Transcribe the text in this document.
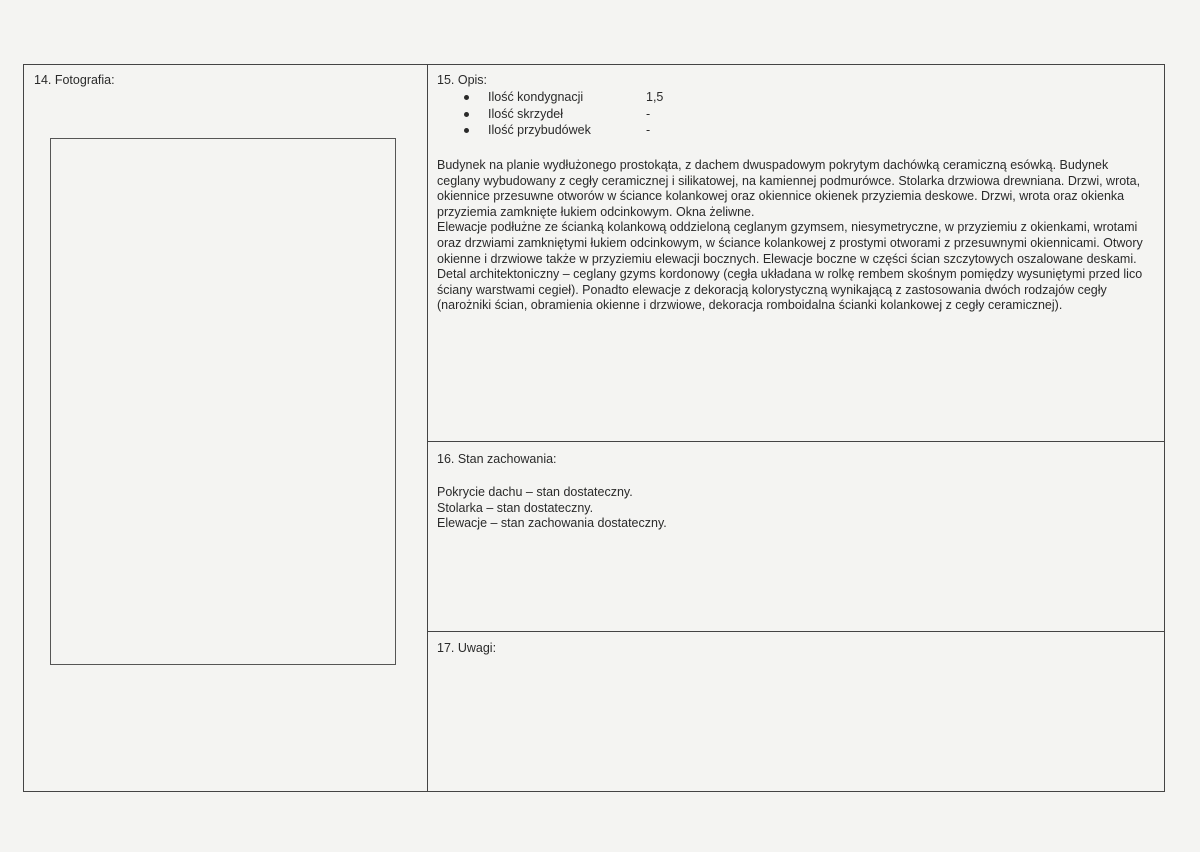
14. Fotografia:	15. Opis:
Ilość kondygnacji	1,5
Ilość skrzydeł	-
Ilość przybudówek	-

Budynek na planie wydłużonego prostokąta, z dachem dwuspadowym pokrytym dachówką ceramiczną esówką. Budynek ceglany wybudowany z cegły ceramicznej i silikatowej, na kamiennej podmurówce. Stolarka drzwiowa drewniana. Drzwi, wrota, okiennice przesuwne otworów w ściance kolankowej oraz okiennice okienek przyziemia deskowe. Drzwi, wrota oraz okienka przyziemia zamknięte łukiem odcinkowym. Okna żeliwne.

Elewacje podłużne ze ścianką kolankową oddzieloną ceglanym gzymsem, niesymetryczne, w przyziemiu z okienkami, wrotami oraz drzwiami zamkniętymi łukiem odcinkowym, w ściance kolankowej z prostymi otworami z przesuwnymi okiennicami. Otwory okienne i drzwiowe także w przyziemiu elewacji bocznych. Elewacje boczne w części ścian szczytowych oszalowane deskami.

Detal architektoniczny – ceglany gzyms kordonowy (cegła układana w rolkę rembem skośnym pomiędzy wysuniętymi przed lico ściany warstwami cegieł). Ponadto elewacje z dekoracją kolorystyczną wynikającą z zastosowania dwóch rodzajów cegły (narożniki ścian, obramienia okienne i drzwiowe, dekoracja romboidalna ścianki kolankowej z cegły ceramicznej).

16. Stan zachowania:

Pokrycie dachu – stan dostateczny.

Stolarka – stan dostateczny.

Elewacje – stan zachowania dostateczny.

17. Uwagi:
